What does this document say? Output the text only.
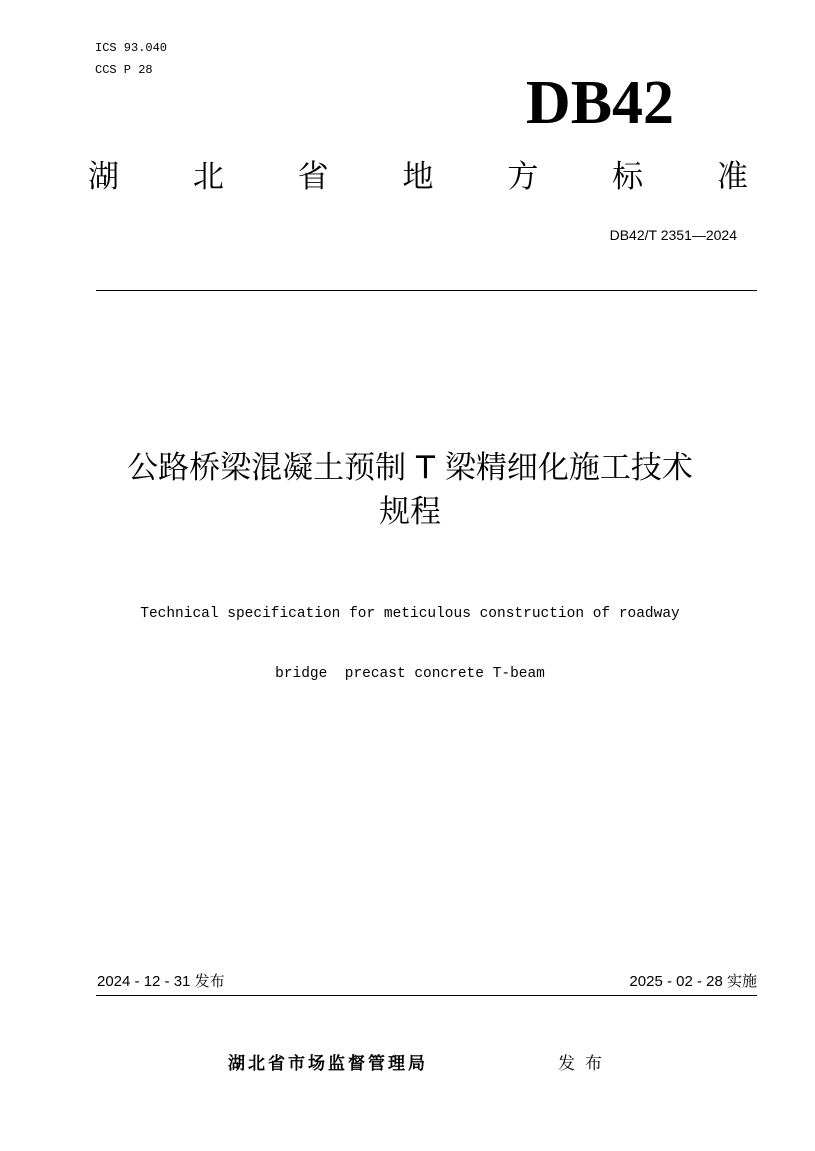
ICS 93.040
CCS P 28	DB42
湖 北 省 地 方 标 准
DB42/T 2351—2024
公路桥梁混凝土预制 T 梁精细化施工技术
规程

Technical specification for meticulous construction of roadway

bridge  precast concrete T-beam

2024 - 12 - 31 发布	2025 - 02 - 28 实施
湖北省市场监督管理局	发布
